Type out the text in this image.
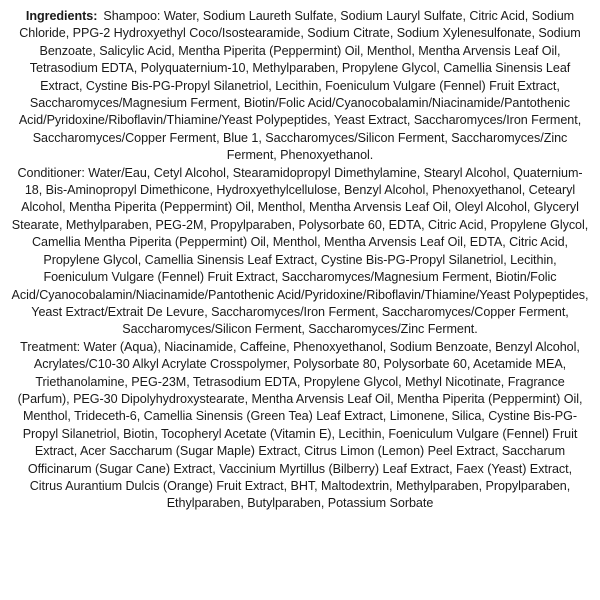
Ingredients: Shampoo: Water, Sodium Laureth Sulfate, Sodium Lauryl Sulfate, Citric Acid, Sodium Chloride, PPG-2 Hydroxyethyl Coco/Isostearamide, Sodium Citrate, Sodium Xylenesulfonate, Sodium Benzoate, Salicylic Acid, Mentha Piperita (Peppermint) Oil, Menthol, Mentha Arvensis Leaf Oil, Tetrasodium EDTA, Polyquaternium-10, Methylparaben, Propylene Glycol, Camellia Sinensis Leaf Extract, Cystine Bis-PG-Propyl Silanetriol, Lecithin, Foeniculum Vulgare (Fennel) Fruit Extract, Saccharomyces/Magnesium Ferment, Biotin/Folic Acid/Cyanocobalamin/Niacinamide/Pantothenic Acid/Pyridoxine/Riboflavin/Thiamine/Yeast Polypeptides, Yeast Extract, Saccharomyces/Iron Ferment, Saccharomyces/Copper Ferment, Blue 1, Saccharomyces/Silicon Ferment, Saccharomyces/Zinc Ferment, Phenoxyethanol.

Conditioner: Water/Eau, Cetyl Alcohol, Stearamidopropyl Dimethylamine, Stearyl Alcohol, Quaternium-18, Bis-Aminopropyl Dimethicone, Hydroxyethylcellulose, Benzyl Alcohol, Phenoxyethanol, Cetearyl Alcohol, Mentha Piperita (Peppermint) Oil, Menthol, Mentha Arvensis Leaf Oil, Oleyl Alcohol, Glyceryl Stearate, Methylparaben, PEG-2M, Propylparaben, Polysorbate 60, EDTA, Citric Acid, Propylene Glycol, Camellia Mentha Piperita (Peppermint) Oil, Menthol, Mentha Arvensis Leaf Oil, EDTA, Citric Acid, Propylene Glycol, Camellia Sinensis Leaf Extract, Cystine Bis-PG-Propyl Silanetriol, Lecithin, Foeniculum Vulgare (Fennel) Fruit Extract, Saccharomyces/Magnesium Ferment, Biotin/Folic Acid/Cyanocobalamin/Niacinamide/Pantothenic Acid/Pyridoxine/Riboflavin/Thiamine/Yeast Polypeptides, Yeast Extract/Extrait De Levure, Saccharomyces/Iron Ferment, Saccharomyces/Copper Ferment, Saccharomyces/Silicon Ferment, Saccharomyces/Zinc Ferment.

Treatment: Water (Aqua), Niacinamide, Caffeine, Phenoxyethanol, Sodium Benzoate, Benzyl Alcohol, Acrylates/C10-30 Alkyl Acrylate Crosspolymer, Polysorbate 80, Polysorbate 60, Acetamide MEA, Triethanolamine, PEG-23M, Tetrasodium EDTA, Propylene Glycol, Methyl Nicotinate, Fragrance (Parfum), PEG-30 Dipolyhydroxystearate, Mentha Arvensis Leaf Oil, Mentha Piperita (Peppermint) Oil, Menthol, Trideceth-6, Camellia Sinensis (Green Tea) Leaf Extract, Limonene, Silica, Cystine Bis-PG-Propyl Silanetriol, Biotin, Tocopheryl Acetate (Vitamin E), Lecithin, Foeniculum Vulgare (Fennel) Fruit Extract, Acer Saccharum (Sugar Maple) Extract, Citrus Limon (Lemon) Peel Extract, Saccharum Officinarum (Sugar Cane) Extract, Vaccinium Myrtillus (Bilberry) Leaf Extract, Faex (Yeast) Extract, Citrus Aurantium Dulcis (Orange) Fruit Extract, BHT, Maltodextrin, Methylparaben, Propylparaben, Ethylparaben, Butylparaben, Potassium Sorbate
